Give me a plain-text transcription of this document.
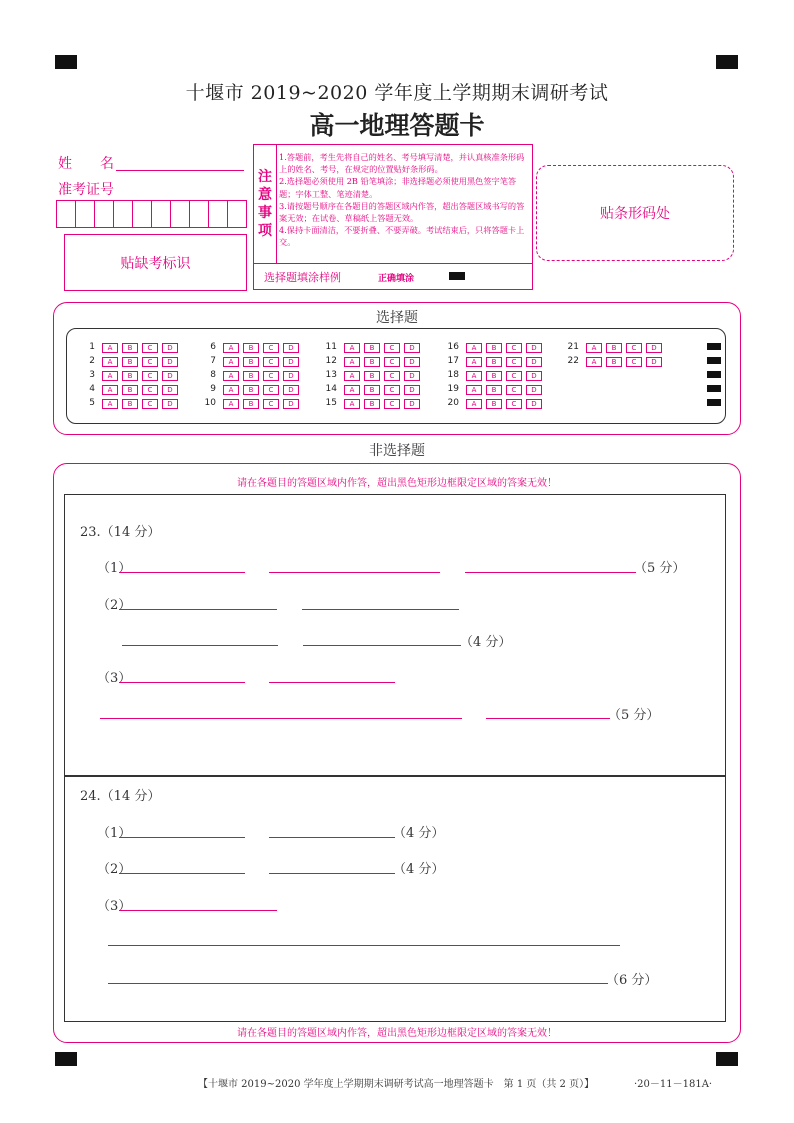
十堰市 2019~2020 学年度上学期期末调研考试
高一地理答题卡
姓　　名
准考证号
贴缺考标识
注
意
事
项
1.答题前，考生先将自己的姓名、考号填写清楚，并认真核准条形码上的姓名、考号，在规定的位置贴好条形码。
2.选择题必须使用 2B 铅笔填涂；非选择题必须使用黑色签字笔答题；字体工整、笔迹清楚。
3.请按题号顺序在各题目的答题区域内作答，超出答题区域书写的答案无效；在试卷、草稿纸上答题无效。
4.保持卡面清洁，不要折叠、不要弄破。考试结束后，只将答题卡上交。
选择题填涂样例	正确填涂
贴条形码处
选择题
1	A	B	C	D
2	A	B	C	D
3	A	B	C	D
4	A	B	C	D
5	A	B	C	D
6	A	B	C	D
7	A	B	C	D
8	A	B	C	D
9	A	B	C	D
10	A	B	C	D
11	A	B	C	D
12	A	B	C	D
13	A	B	C	D
14	A	B	C	D
15	A	B	C	D
16	A	B	C	D
17	A	B	C	D
18	A	B	C	D
19	A	B	C	D
20	A	B	C	D
21	A	B	C	D
22	A	B	C	D
非选择题
请在各题目的答题区域内作答，超出黑色矩形边框限定区域的答案无效！
23.（14 分）
（1）	（5 分）
（2）
（4 分）
（3）
（5 分）
24.（14 分）
（1）	（4 分）
（2）	（4 分）
（3）
（6 分）
请在各题目的答题区域内作答，超出黑色矩形边框限定区域的答案无效！
【十堰市 2019~2020 学年度上学期期末调研考试高一地理答题卡　第 1 页（共 2 页）】	·20－11－181A·
